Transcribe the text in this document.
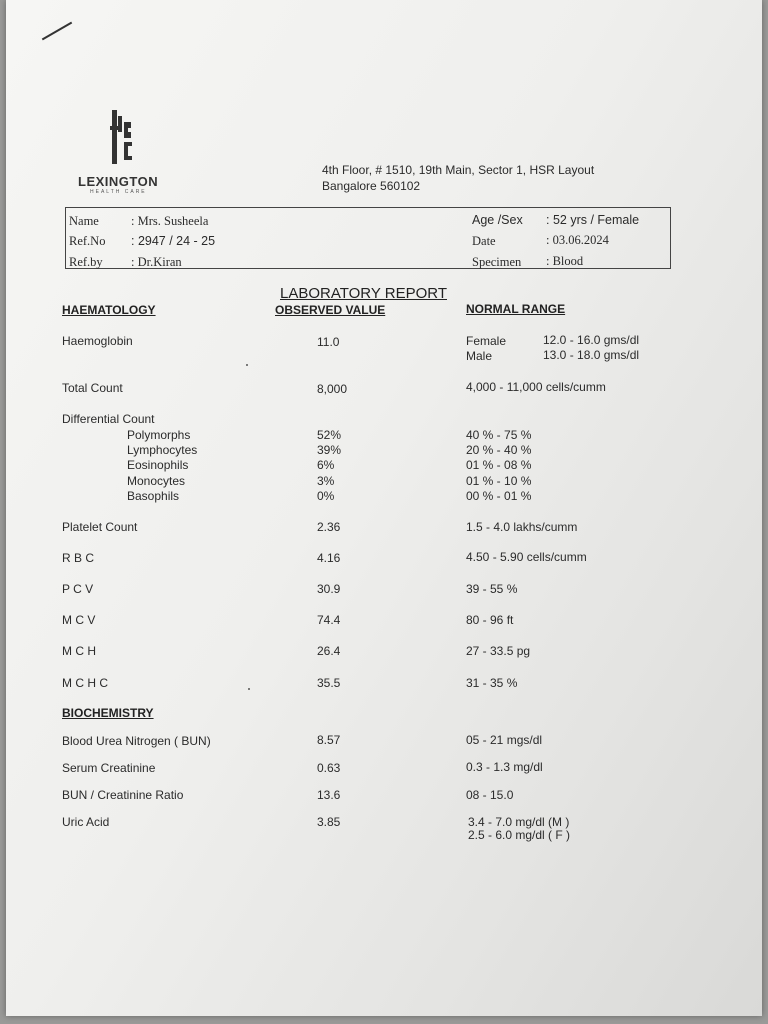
LEXINGTON
HEALTH CARE
4th Floor, # 1510, 19th Main, Sector 1, HSR Layout
Bangalore 560102
Name	: Mrs. Susheela
Ref.No : 2947 / 24 - 25
Ref.by : Dr.Kiran
Age /Sex : 52 yrs / Female
Date	: 03.06.2024
Specimen : Blood
LABORATORY REPORT
HAEMATOLOGY	OBSERVED VALUE	NORMAL RANGE
Haemoglobin	11.0	Female	12.0 - 16.0 gms/dl
Male	13.0 - 18.0 gms/dl
Total Count	8,000	4,000 - 11,000 cells/cumm
Differential Count
Polymorphs	52%	40 % - 75 %
Lymphocytes	39%	20 % - 40 %
Eosinophils	6%	01 % - 08 %
Monocytes	3%	01 % - 10 %
Basophils	0%	00 % - 01 %
Platelet Count	2.36	1.5 - 4.0 lakhs/cumm
R B C	4.16	4.50 - 5.90 cells/cumm
P C V	30.9	39 - 55 %
M C V	74.4	80 - 96 ft
M C H	26.4	27 - 33.5 pg
M C H C	35.5	31 - 35 %
BIOCHEMISTRY
Blood Urea Nitrogen ( BUN)	8.57	05 - 21 mgs/dl
Serum Creatinine	0.63	0.3 - 1.3 mg/dl
BUN / Creatinine Ratio	13.6	08 - 15.0
Uric Acid	3.85	3.4 - 7.0 mg/dl (M )
2.5 - 6.0 mg/dl ( F )
